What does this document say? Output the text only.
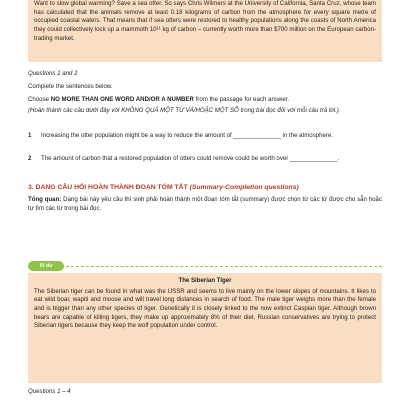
Want to slow global warming? Save a sea otter. So says Chris Wilmers at the University of California, Santa Cruz, whose team has calculated that the animals remove at least 0.18 kilograms of carbon from the atmosphere for every square metre of occupied coastal waters. That means that if sea otters were restored to healthy populations along the coasts of North America they could collectively lock up a mammoth 10¹¹ kg of carbon – currently worth more than $700 million on the European carbon-trading market.

Questions 1 and 2

Complete the sentences below.

Choose NO MORE THAN ONE WORD AND/OR A NUMBER from the passage for each answer.

(Hoàn thành các câu dưới đây với KHÔNG QUÁ MỘT TỪ VÀ/HOẶC MỘT SỐ trong bài đọc đối với mỗi câu trả lời.)

1	Increasing the otter population might be a way to reduce the amount of ______________ in the atmosphere.
2	The amount of carbon that a restored population of otters could remove could be worth over ______________.

3. DẠNG CÂU HỎI HOÀN THÀNH ĐOẠN TÓM TẮT (Summary-Completion questions)

Tổng quan: Dạng bài này yêu cầu thí sinh phải hoàn thành một đoạn tóm tắt (summary) được chọn từ các từ được cho sẵn hoặc tự tìm các từ trong bài đọc.

Ví dụ
The Siberian Tiger

The Siberian tiger can be found in what was the USSR and seems to live mainly on the lower slopes of mountains. It likes to eat wild boar, wapiti and moose and will travel long distances in search of food. The male tiger weighs more than the female and is bigger than any other species of tiger. Genetically it is closely linked to the now extinct Caspian tiger. Although brown bears are capable of killing tigers, they make up approximately 8% of their diet. Russian conservatives are trying to protect Siberian tigers because they keep the wolf population under control.

Questions 1 – 4
